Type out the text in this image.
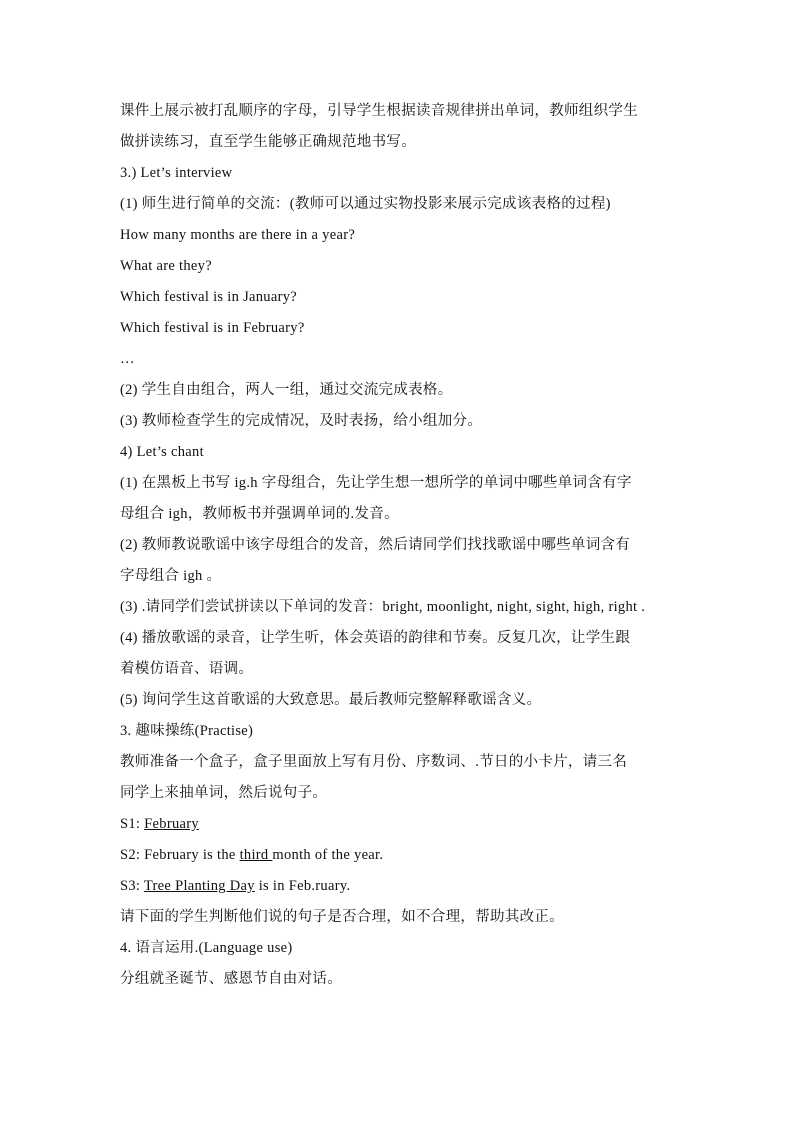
课件上展示被打乱顺序的字母，引导学生根据读音规律拼出单词，教师组织学生
做拼读练习，直至学生能够正确规范地书写。
3.) Let’s interview
(1) 师生进行简单的交流：(教师可以通过实物投影来展示完成该表格的过程)
How many months are there in a year?
What are they?
Which festival is in January?
Which festival is in February?
…
(2) 学生自由组合，两人一组，通过交流完成表格。
(3) 教师检查学生的完成情况，及时表扬，给小组加分。
4) Let’s chant
(1) 在黑板上书写 ig.h 字母组合，先让学生想一想所学的单词中哪些单词含有字
母组合 igh，教师板书并强调单词的.发音。
(2) 教师教说歌谣中该字母组合的发音，然后请同学们找找歌谣中哪些单词含有
字母组合 igh 。
(3) .请同学们尝试拼读以下单词的发音：bright, moonlight, night, sight, high, right .
(4) 播放歌谣的录音，让学生听，体会英语的韵律和节奏。反复几次，让学生跟
着模仿语音、语调。
(5) 询问学生这首歌谣的大致意思。最后教师完整解释歌谣含义。
3. 趣味操练(Practise)
教师准备一个盒子，盒子里面放上写有月份、序数词、.节日的小卡片，请三名
同学上来抽单词，然后说句子。
S1: February
S2: February is the third month of the year.
S3: Tree Planting Day is in Feb.ruary.
请下面的学生判断他们说的句子是否合理，如不合理，帮助其改正。
4. 语言运用.(Language use)
分组就圣诞节、感恩节自由对话。
